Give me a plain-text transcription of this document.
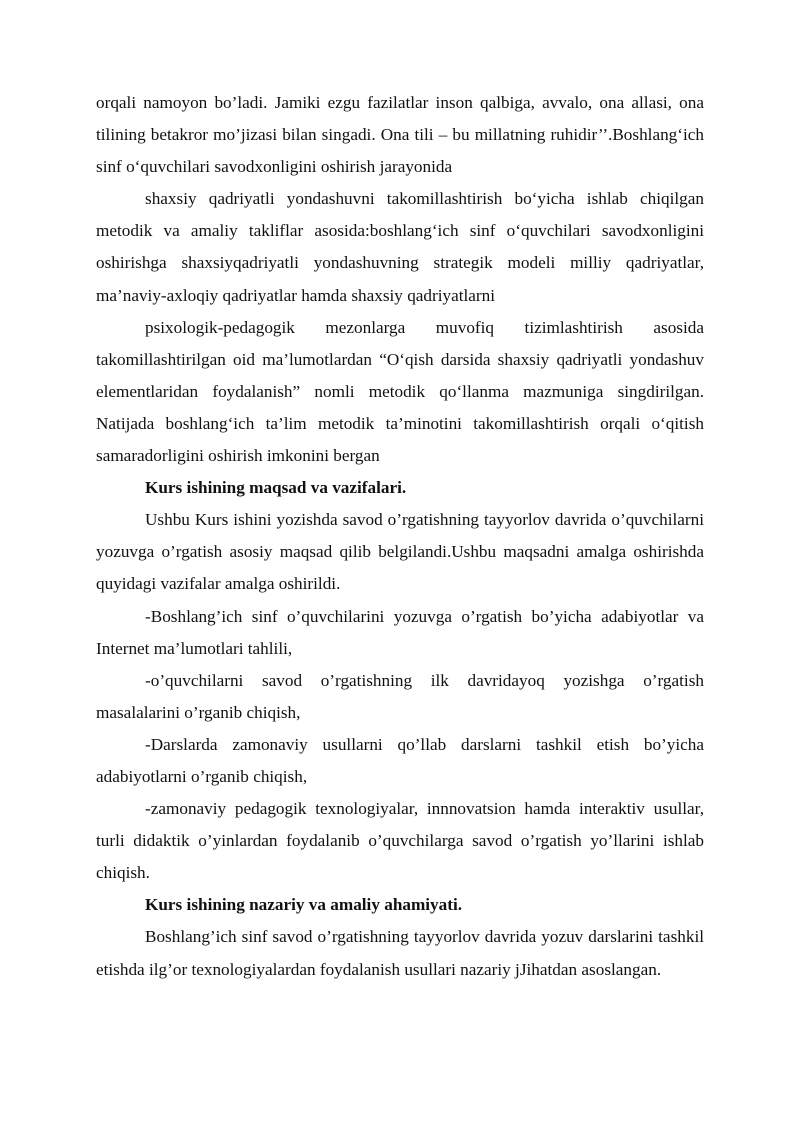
orqali namoyon bo’ladi. Jamiki ezgu fazilatlar inson qalbiga, avvalo, ona allasi, ona tilining betakror mo’jizasi bilan singadi. Ona tili – bu millatning ruhidir’’.Boshlang‘ich sinf o‘quvchilari savodxonligini oshirish jarayonida

shaxsiy qadriyatli yondashuvni takomillashtirish bo‘yicha ishlab chiqilgan metodik va amaliy takliflar asosida:boshlang‘ich sinf o‘quvchilari savodxonligini oshirishga shaxsiyqadriyatli yondashuvning strategik modeli milliy qadriyatlar, ma’naviy-axloqiy qadriyatlar hamda shaxsiy qadriyatlarni

psixologik-pedagogik mezonlarga muvofiq tizimlashtirish asosida takomillashtirilgan oid ma’lumotlardan “O‘qish darsida shaxsiy qadriyatli yondashuv elementlaridan foydalanish” nomli metodik qo‘llanma mazmuniga singdirilgan. Natijada boshlang‘ich ta’lim metodik ta’minotini takomillashtirish orqali o‘qitish samaradorligini oshirish imkonini bergan

Kurs ishining maqsad va vazifalari.

Ushbu Kurs ishini yozishda savod o’rgatishning tayyorlov davrida o’quvchilarni yozuvga o’rgatish asosiy maqsad qilib belgilandi.Ushbu maqsadni amalga oshirishda quyidagi vazifalar amalga oshirildi.

-Boshlang’ich sinf o’quvchilarini yozuvga o’rgatish bo’yicha adabiyotlar va Internet ma’lumotlari tahlili,

-o’quvchilarni savod o’rgatishning ilk davridayoq yozishga o’rgatish masalalarini o’rganib chiqish,

-Darslarda zamonaviy usullarni qo’llab darslarni tashkil etish bo’yicha adabiyotlarni o’rganib chiqish,

-zamonaviy pedagogik texnologiyalar, innnovatsion hamda interaktiv usullar, turli didaktik o’yinlardan foydalanib o’quvchilarga savod o’rgatish yo’llarini ishlab chiqish.

Kurs ishining nazariy va amaliy ahamiyati.

Boshlang’ich sinf savod o’rgatishning tayyorlov davrida yozuv darslarini tashkil etishda ilg’or texnologiyalardan foydalanish usullari nazariy jJihatdan asoslangan.
